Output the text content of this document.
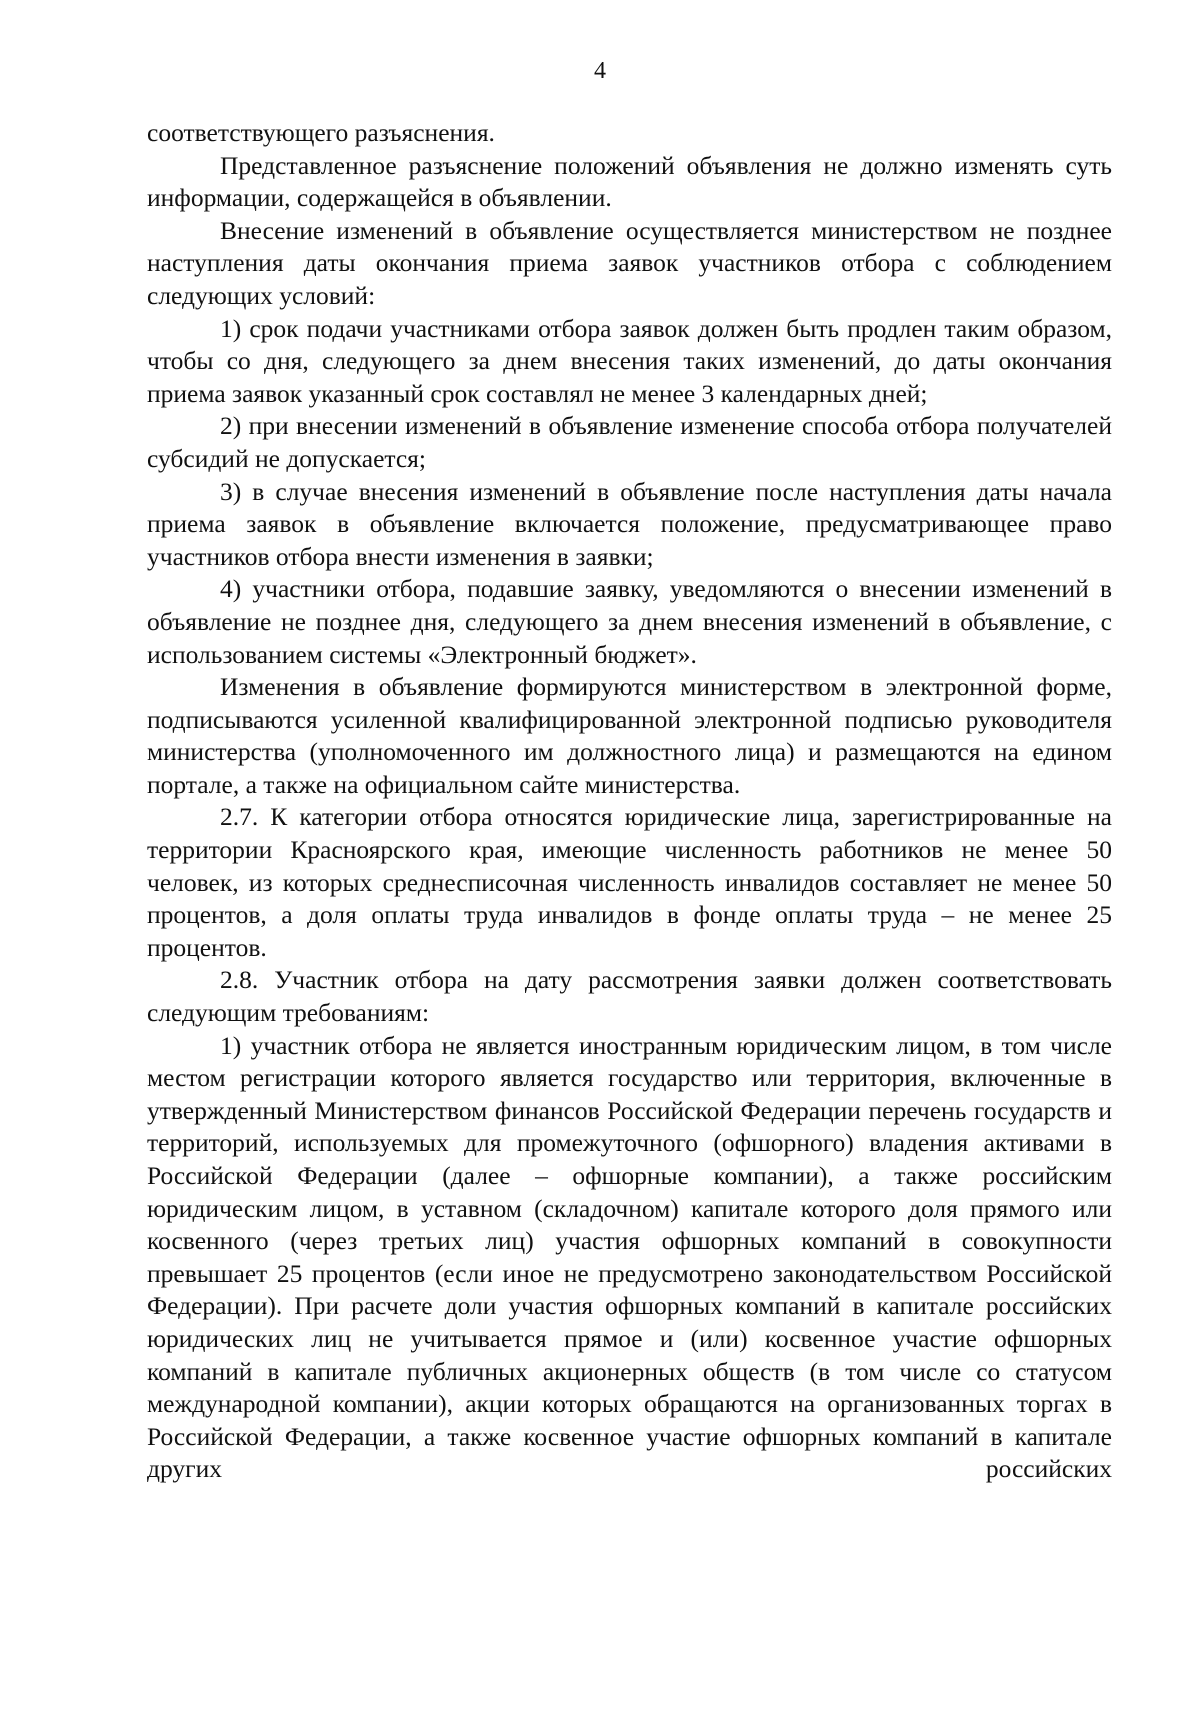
4

соответствующего разъяснения.

Представленное разъяснение положений объявления не должно изменять суть информации, содержащейся в объявлении.

Внесение изменений в объявление осуществляется министерством не позднее наступления даты окончания приема заявок участников отбора с соблюдением следующих условий:

1) срок подачи участниками отбора заявок должен быть продлен таким образом, чтобы со дня, следующего за днем внесения таких изменений, до даты окончания приема заявок указанный срок составлял не менее 3 календарных дней;

2) при внесении изменений в объявление изменение способа отбора получателей субсидий не допускается;

3) в случае внесения изменений в объявление после наступления даты начала приема заявок в объявление включается положение, предусматривающее право участников отбора внести изменения в заявки;

4) участники отбора, подавшие заявку, уведомляются о внесении изменений в объявление не позднее дня, следующего за днем внесения изменений в объявление, с использованием системы «Электронный бюджет».

Изменения в объявление формируются министерством в электронной форме, подписываются усиленной квалифицированной электронной подписью руководителя министерства (уполномоченного им должностного лица) и размещаются на едином портале, а также на официальном сайте министерства.

2.7. К категории отбора относятся юридические лица, зарегистрированные на территории Красноярского края, имеющие численность работников не менее 50 человек, из которых среднесписочная численность инвалидов составляет не менее 50 процентов, а доля оплаты труда инвалидов в фонде оплаты труда – не менее 25 процентов.

2.8. Участник отбора на дату рассмотрения заявки должен соответствовать следующим требованиям:

1) участник отбора не является иностранным юридическим лицом, в том числе местом регистрации которого является государство или территория, включенные в утвержденный Министерством финансов Российской Федерации перечень государств и территорий, используемых для промежуточного (офшорного) владения активами в Российской Федерации (далее – офшорные компании), а также российским юридическим лицом, в уставном (складочном) капитале которого доля прямого или косвенного (через третьих лиц) участия офшорных компаний в совокупности превышает 25 процентов (если иное не предусмотрено законодательством Российской Федерации). При расчете доли участия офшорных компаний в капитале российских юридических лиц не учитывается прямое и (или) косвенное участие офшорных компаний в капитале публичных акционерных обществ (в том числе со статусом международной компании), акции которых обращаются на организованных торгах в Российской Федерации, а также косвенное участие офшорных компаний в капитале других российских
